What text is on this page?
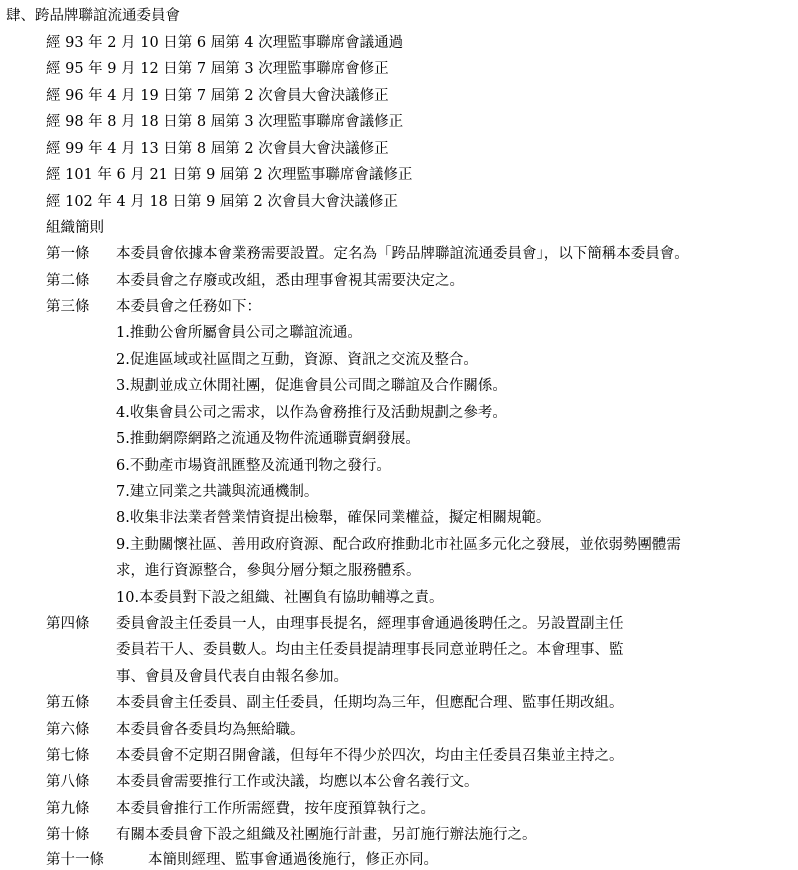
肆、跨品牌聯誼流通委員會
經 93 年 2 月 10 日第 6 屆第 4 次理監事聯席會議通過
經 95 年 9 月 12 日第 7 屆第 3 次理監事聯席會修正
經 96 年 4 月 19 日第 7 屆第 2 次會員大會決議修正
經 98 年 8 月 18 日第 8 屆第 3 次理監事聯席會議修正
經 99 年 4 月 13 日第 8 屆第 2 次會員大會決議修正
經 101 年 6 月 21 日第 9 屆第 2 次理監事聯席會議修正
經 102 年 4 月 18 日第 9 屆第 2 次會員大會決議修正
組織簡則
第一條 本委員會依據本會業務需要設置。定名為「跨品牌聯誼流通委員會」，以下簡稱本委員會。
第二條 本委員會之存廢或改組，悉由理事會視其需要決定之。
第三條 本委員會之任務如下：
1.推動公會所屬會員公司之聯誼流通。
2.促進區域或社區間之互動，資源、資訊之交流及整合。
3.規劃並成立休閒社團，促進會員公司間之聯誼及合作關係。
4.收集會員公司之需求，以作為會務推行及活動規劃之參考。
5.推動網際網路之流通及物件流通聯賣網發展。
6.不動產市場資訊匯整及流通刊物之發行。
7.建立同業之共識與流通機制。
8.收集非法業者營業情資提出檢舉，確保同業權益，擬定相關規範。
9.主動關懷社區、善用政府資源、配合政府推動北市社區多元化之發展，並依弱勢團體需
求，進行資源整合，參與分層分類之服務體系。
10.本委員對下設之組織、社團負有協助輔導之責。
第四條 委員會設主任委員一人，由理事長提名，經理事會通過後聘任之。另設置副主任
委員若干人、委員數人。均由主任委員提請理事長同意並聘任之。本會理事、監
事、會員及會員代表自由報名參加。
第五條 本委員會主任委員、副主任委員，任期均為三年，但應配合理、監事任期改組。
第六條 本委員會各委員均為無給職。
第七條 本委員會不定期召開會議，但每年不得少於四次，均由主任委員召集並主持之。
第八條 本委員會需要推行工作或決議，均應以本公會名義行文。
第九條 本委員會推行工作所需經費，按年度預算執行之。
第十條 有關本委員會下設之組織及社團施行計畫，另訂施行辦法施行之。
第十一條	本簡則經理、監事會通過後施行，修正亦同。
